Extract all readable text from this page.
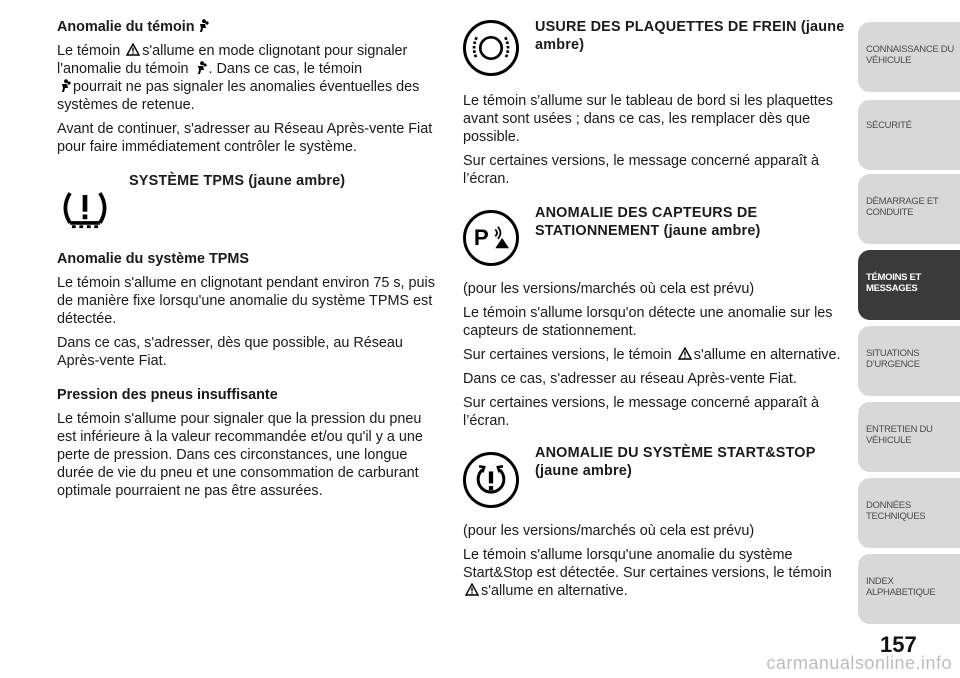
Anomalie du témoin

Le témoin s'allume en mode clignotant pour signaler l'anomalie du témoin . Dans ce cas, le témoin
pourrait ne pas signaler les anomalies éventuelles des systèmes de retenue.

Avant de continuer, s'adresser au Réseau Après-vente Fiat pour faire immédiatement contrôler le système.

SYSTÈME TPMS (jaune ambre)
Anomalie du système TPMS

Le témoin s'allume en clignotant pendant environ 75 s, puis de manière fixe lorsqu'une anomalie du système TPMS est détectée.

Dans ce cas, s'adresser, dès que possible, au Réseau Après-vente Fiat.

Pression des pneus insuffisante

Le témoin s'allume pour signaler que la pression du pneu est inférieure à la valeur recommandée et/ou qu'il y a une perte de pression. Dans ces circonstances, une longue durée de vie du pneu et une consommation de carburant optimale pourraient ne pas être assurées.

USURE DES PLAQUETTES DE FREIN (jaune ambre)

Le témoin s'allume sur le tableau de bord si les plaquettes avant sont usées ; dans ce cas, les remplacer dès que possible.

Sur certaines versions, le message concerné apparaît à l’écran.

P
ANOMALIE DES CAPTEURS DE STATIONNEMENT (jaune ambre)

(pour les versions/marchés où cela est prévu)

Le témoin s'allume lorsqu'on détecte une anomalie sur les capteurs de stationnement.

Sur certaines versions, le témoin s'allume en alternative.

Dans ce cas, s'adresser au réseau Après-vente Fiat.

Sur certaines versions, le message concerné apparaît à l’écran.

ANOMALIE DU SYSTÈME START&STOP (jaune ambre)

(pour les versions/marchés où cela est prévu)

Le témoin s'allume lorsqu'une anomalie du système Start&Stop est détectée. Sur certaines versions, le témoin s'allume en alternative.

CONNAISSANCE DU VÉHICULE
SÉCURITÉ
DÉMARRAGE ET CONDUITE
TÉMOINS ET MESSAGES
SITUATIONS D’URGENCE
ENTRETIEN DU VÉHICULE
DONNÉES TECHNIQUES
INDEX ALPHABETIQUE
157
carmanualsonline.info
